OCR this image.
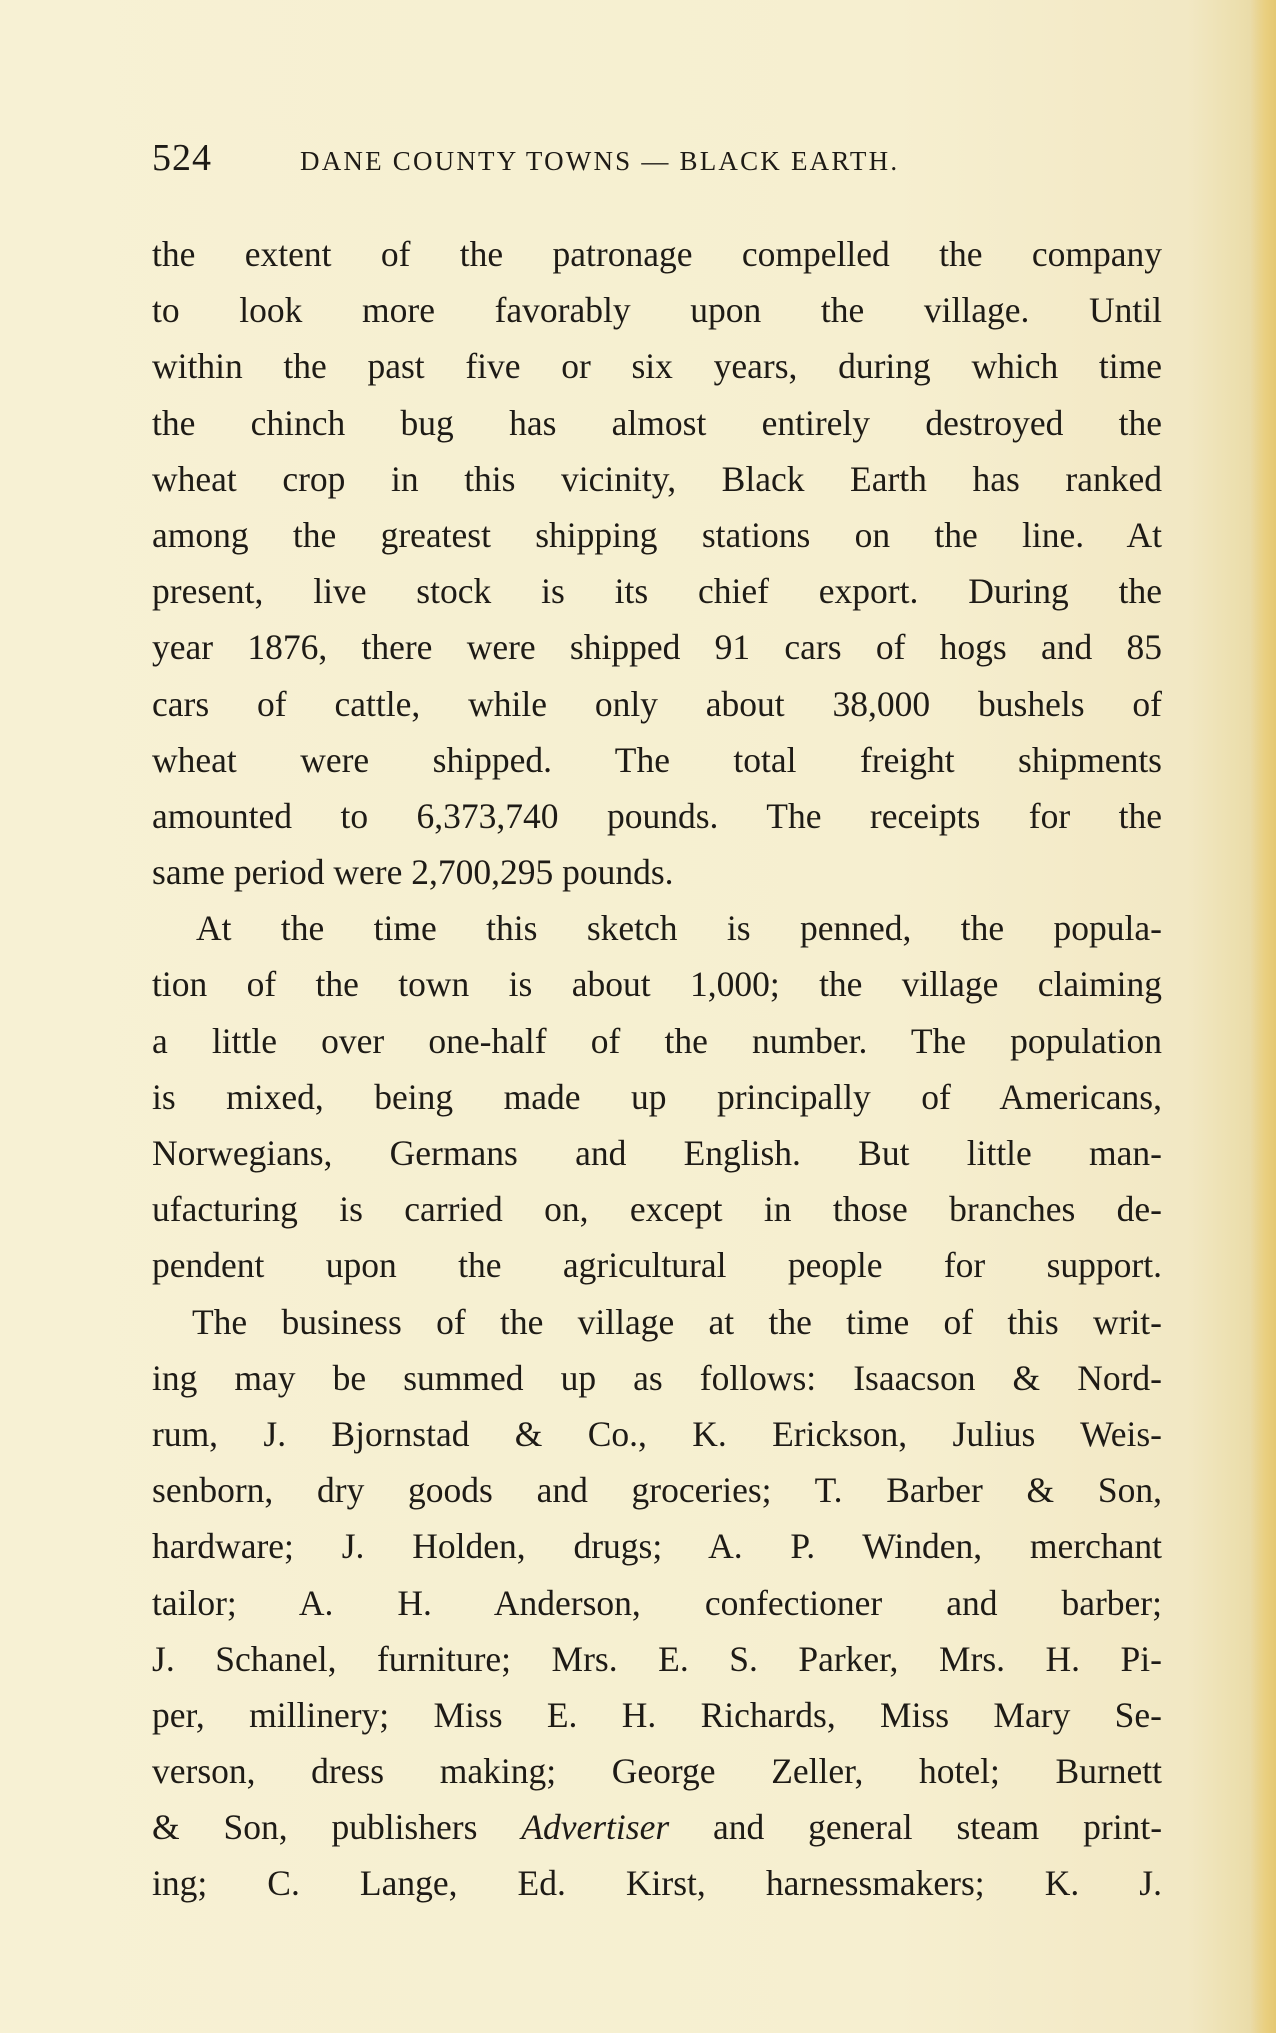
524	DANE COUNTY TOWNS — BLACK EARTH.
the extent of the patronage compelled the company
to look more favorably upon the village. Until
within the past five or six years, during which time
the chinch bug has almost entirely destroyed the
wheat crop in this vicinity, Black Earth has ranked
among the greatest shipping stations on the line. At
present, live stock is its chief export. During the
year 1876, there were shipped 91 cars of hogs and 85
cars of cattle, while only about 38,000 bushels of
wheat were shipped. The total freight shipments
amounted to 6,373,740 pounds. The receipts for the
same period were 2,700,295 pounds.
At the time this sketch is penned, the popula-
tion of the town is about 1,000; the village claiming
a little over one-half of the number. The population
is mixed, being made up principally of Americans,
Norwegians, Germans and English. But little man-
ufacturing is carried on, except in those branches de-
pendent upon the agricultural people for support.
The business of the village at the time of this writ-
ing may be summed up as follows: Isaacson & Nord-
rum, J. Bjornstad & Co., K. Erickson, Julius Weis-
senborn, dry goods and groceries; T. Barber & Son,
hardware; J. Holden, drugs; A. P. Winden, merchant
tailor; A. H. Anderson, confectioner and barber;
J. Schanel, furniture; Mrs. E. S. Parker, Mrs. H. Pi-
per, millinery; Miss E. H. Richards, Miss Mary Se-
verson, dress making; George Zeller, hotel; Burnett
& Son, publishers Advertiser and general steam print-
ing; C. Lange, Ed. Kirst, harnessmakers; K. J.
